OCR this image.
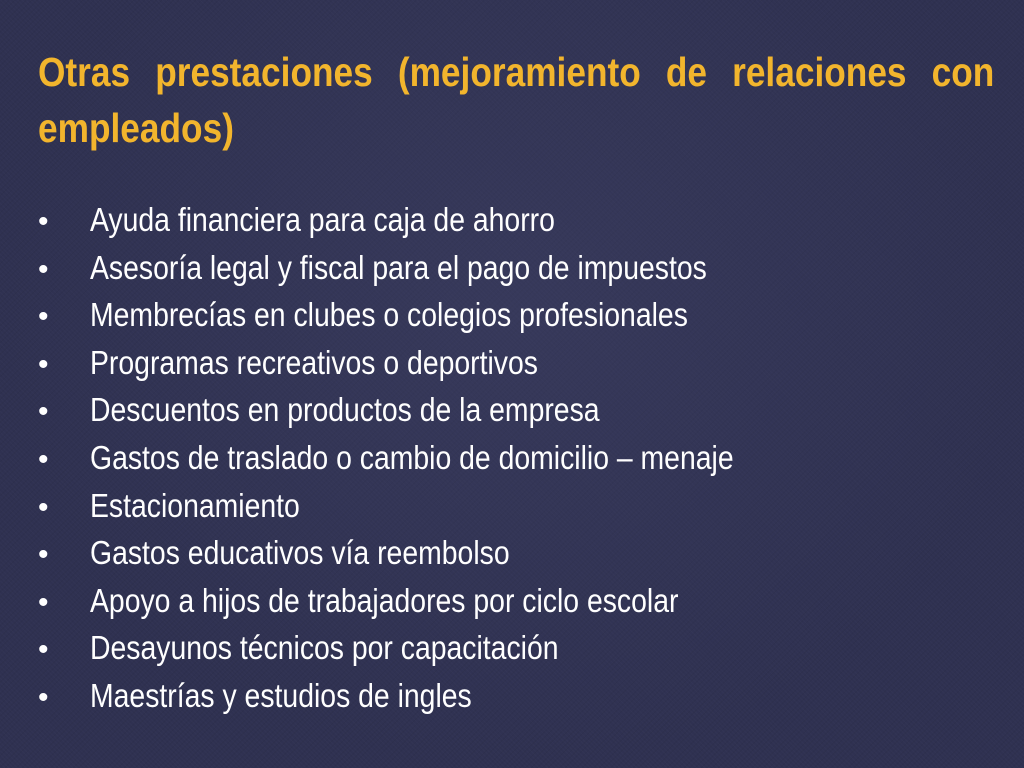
Otras prestaciones (mejoramiento de relaciones con empleados)
•	Ayuda financiera para caja de ahorro
•	Asesoría legal y fiscal para el pago de impuestos
•	Membrecías en clubes o colegios profesionales
•	Programas recreativos o deportivos
•	Descuentos en productos de la empresa
•	Gastos de traslado o cambio de domicilio – menaje
•	Estacionamiento
•	Gastos educativos vía reembolso
•	Apoyo a hijos de trabajadores por ciclo escolar
•	Desayunos técnicos por capacitación
•	Maestrías y estudios de ingles
